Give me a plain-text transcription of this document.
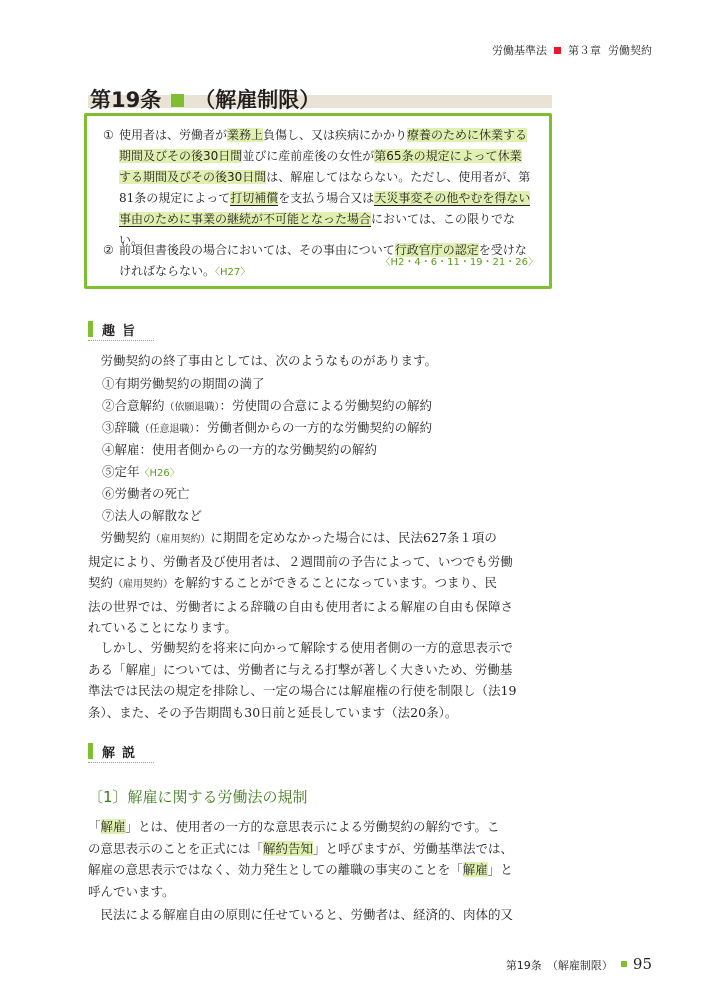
労働基準法 第３章 労働契約
第19条 （解雇制限）
① 使用者は、労働者が業務上負傷し、又は疾病にかかり療養のために休業する
期間及びその後30日間並びに産前産後の女性が第65条の規定によって休業
する期間及びその後30日間は、解雇してはならない。ただし、使用者が、第
81条の規定によって打切補償を支払う場合又は天災事変その他やむを得ない
事由のために事業の継続が不可能となった場合においては、この限りでない。

〈H2・4・6・11・19・21・26〉
② 前項但書後段の場合においては、その事由について行政官庁の認定を受けな
ければならない。〈H27〉
趣旨
労働契約の終了事由としては、次のようなものがあります。
①有期労働契約の期間の満了
②合意解約（依願退職）：労使間の合意による労働契約の解約
③辞職（任意退職）：労働者側からの一方的な労働契約の解約
④解雇：使用者側からの一方的な労働契約の解約
⑤定年〈H26〉
⑥労働者の死亡
⑦法人の解散など
　労働契約（雇用契約）に期間を定めなかった場合には、民法627条１項の
規定により、労働者及び使用者は、２週間前の予告によって、いつでも労働
契約（雇用契約）を解約することができることになっています。つまり、民
法の世界では、労働者による辞職の自由も使用者による解雇の自由も保障さ
れていることになります。
　しかし、労働契約を将来に向かって解除する使用者側の一方的意思表示で
ある「解雇」については、労働者に与える打撃が著しく大きいため、労働基
準法では民法の規定を排除し、一定の場合には解雇権の行使を制限し（法19
条）、また、その予告期間も30日前と延長しています（法20条）。
解説
〔1〕解雇に関する労働法の規制
「解雇」とは、使用者の一方的な意思表示による労働契約の解約です。こ
の意思表示のことを正式には「解約告知」と呼びますが、労働基準法では、
解雇の意思表示ではなく、効力発生としての離職の事実のことを「解雇」と
呼んでいます。
民法による解雇自由の原則に任せていると、労働者は、経済的、肉体的又
第19条 （解雇制限） 95
